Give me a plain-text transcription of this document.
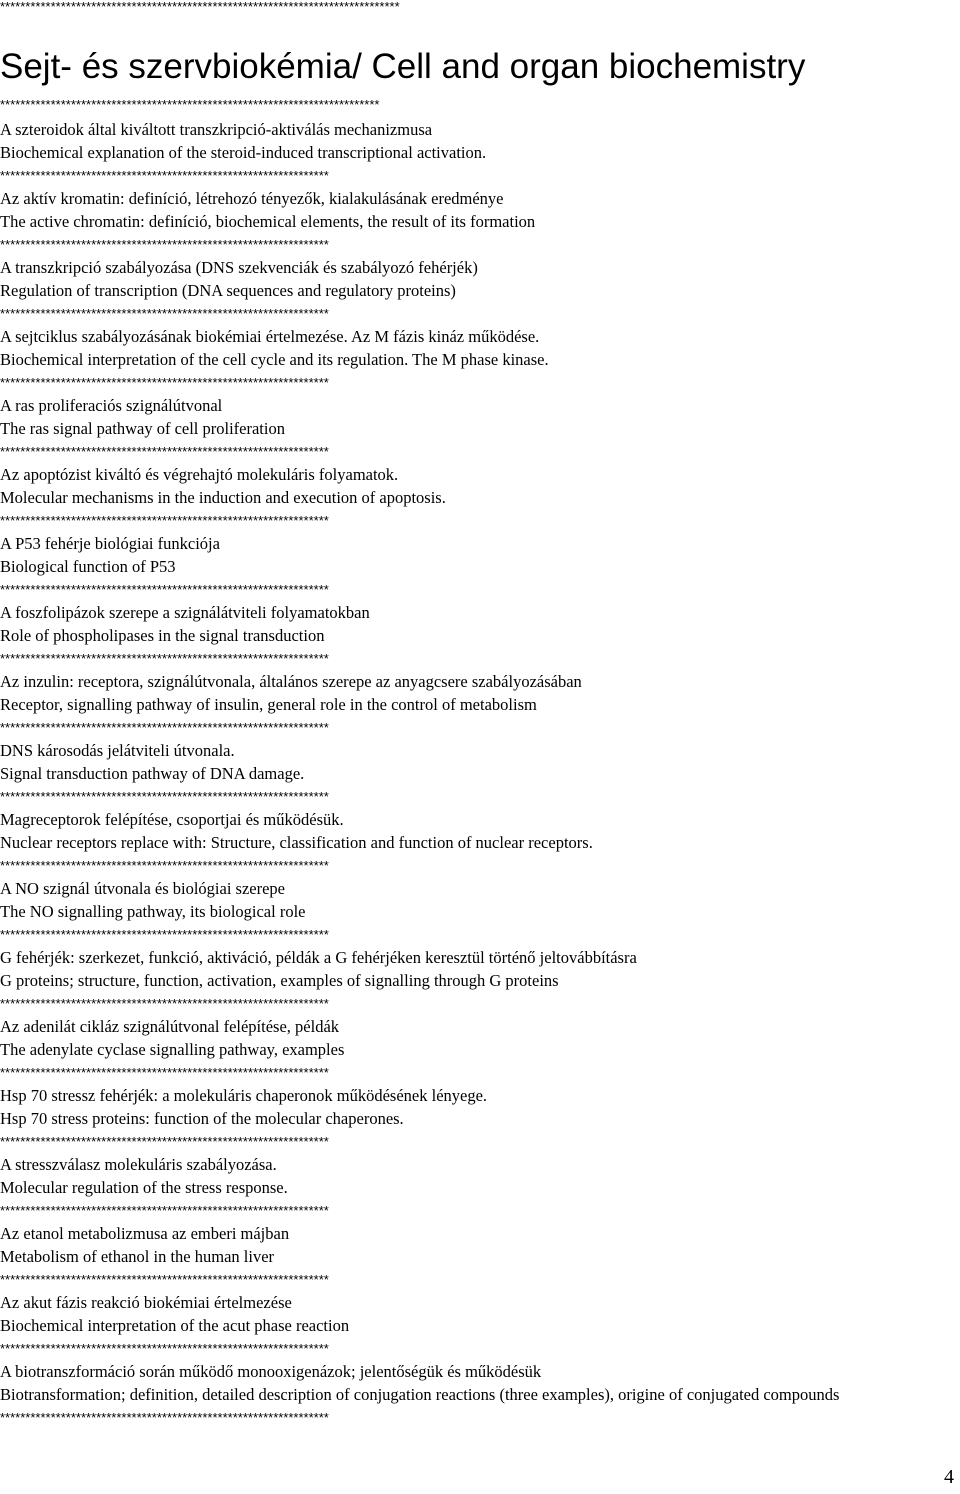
*******************************************************************************
Sejt- és szervbiokémia/ Cell and organ biochemistry
***************************************************************************
A szteroidok által kiváltott transzkripció-aktiválás mechanizmusa
Biochemical explanation of the steroid-induced transcriptional activation.
*****************************************************************
Az aktív kromatin: definíció, létrehozó tényezők, kialakulásának eredménye
The active chromatin: definíció, biochemical elements, the result of its formation
*****************************************************************
A transzkripció szabályozása (DNS szekvenciák és szabályozó fehérjék)
Regulation of transcription (DNA sequences and regulatory proteins)
*****************************************************************
A sejtciklus szabályozásának biokémiai értelmezése. Az M fázis kináz működése.
Biochemical interpretation of the cell cycle and its regulation. The M phase kinase.
*****************************************************************
A ras proliferaciós szignálútvonal
The ras signal pathway of cell proliferation
*****************************************************************
Az apoptózist kiváltó és végrehajtó molekuláris folyamatok.
Molecular mechanisms in the induction and execution of apoptosis.
*****************************************************************
A P53 fehérje biológiai funkciója
Biological function of P53
*****************************************************************
A foszfolipázok szerepe a szignálátviteli folyamatokban
Role of phospholipases in the signal transduction
*****************************************************************
Az inzulin: receptora, szignálútvonala, általános szerepe az anyagcsere szabályozásában
Receptor, signalling pathway of insulin, general role in the control of metabolism
*****************************************************************
DNS károsodás jelátviteli útvonala.
Signal transduction pathway of DNA damage.
*****************************************************************
Magreceptorok felépítése, csoportjai és működésük.
Nuclear receptors replace with: Structure, classification and function of nuclear receptors.
*****************************************************************
A NO szignál útvonala és biológiai szerepe
The NO signalling pathway, its biological role
*****************************************************************
G fehérjék: szerkezet, funkció, aktiváció, példák a G fehérjéken keresztül történő jeltovábbításra
G proteins; structure, function, activation, examples of signalling through G proteins
*****************************************************************
Az adenilát cikláz szignálútvonal felépítése, példák
The adenylate cyclase signalling pathway, examples
*****************************************************************
Hsp 70 stressz fehérjék: a molekuláris chaperonok működésének lényege.
Hsp 70 stress proteins: function of the molecular chaperones.
*****************************************************************
A stresszválasz molekuláris szabályozása.
Molecular regulation of the stress response.
*****************************************************************
Az etanol metabolizmusa az emberi májban
Metabolism of ethanol in the human liver
*****************************************************************
Az akut fázis reakció biokémiai értelmezése
Biochemical interpretation of the acut phase reaction
*****************************************************************
A biotranszformáció során működő monooxigenázok; jelentőségük és működésük
Biotransformation; definition, detailed description of conjugation reactions (three examples), origine of conjugated compounds
*****************************************************************
4
